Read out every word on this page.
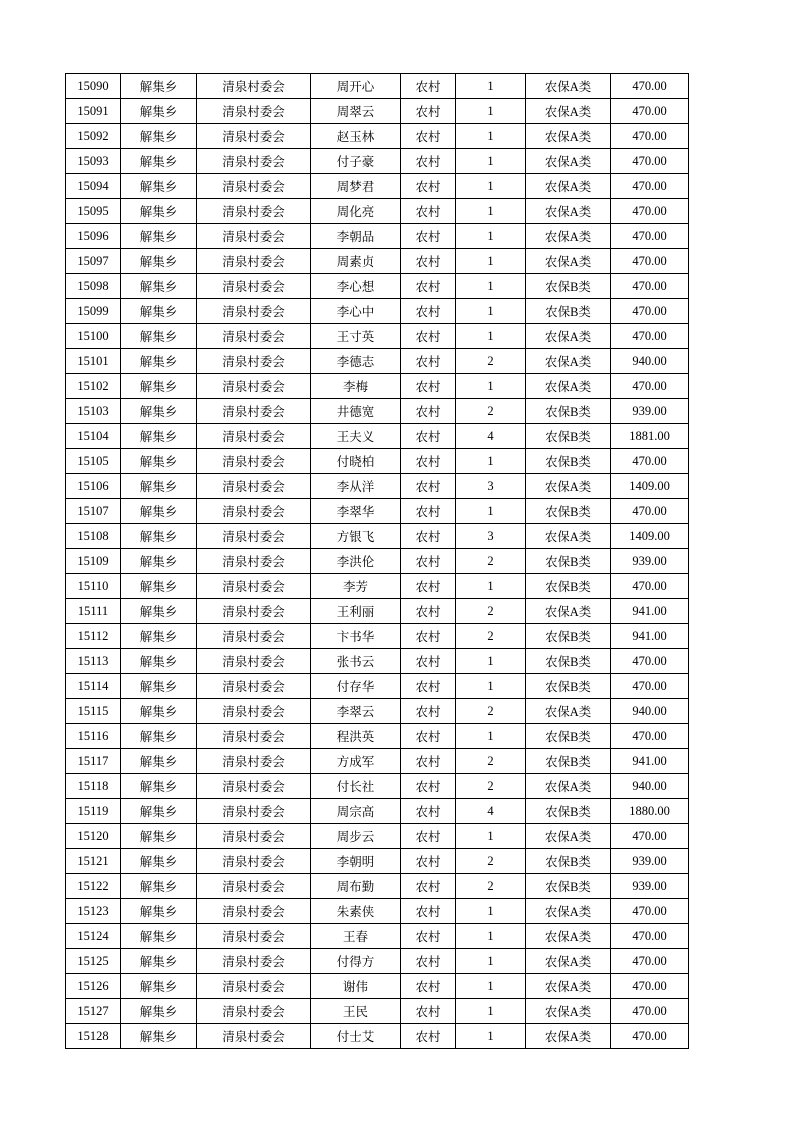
15090	解集乡	清泉村委会	周开心	农村	1	农保A类	470.00
15091	解集乡	清泉村委会	周翠云	农村	1	农保A类	470.00
15092	解集乡	清泉村委会	赵玉林	农村	1	农保A类	470.00
15093	解集乡	清泉村委会	付子豪	农村	1	农保A类	470.00
15094	解集乡	清泉村委会	周梦君	农村	1	农保A类	470.00
15095	解集乡	清泉村委会	周化亮	农村	1	农保A类	470.00
15096	解集乡	清泉村委会	李朝品	农村	1	农保A类	470.00
15097	解集乡	清泉村委会	周素贞	农村	1	农保A类	470.00
15098	解集乡	清泉村委会	李心想	农村	1	农保B类	470.00
15099	解集乡	清泉村委会	李心中	农村	1	农保B类	470.00
15100	解集乡	清泉村委会	王寸英	农村	1	农保A类	470.00
15101	解集乡	清泉村委会	李德志	农村	2	农保A类	940.00
15102	解集乡	清泉村委会	李梅	农村	1	农保A类	470.00
15103	解集乡	清泉村委会	井德宽	农村	2	农保B类	939.00
15104	解集乡	清泉村委会	王夫义	农村	4	农保B类	1881.00
15105	解集乡	清泉村委会	付晓柏	农村	1	农保B类	470.00
15106	解集乡	清泉村委会	李从洋	农村	3	农保A类	1409.00
15107	解集乡	清泉村委会	李翠华	农村	1	农保B类	470.00
15108	解集乡	清泉村委会	方银飞	农村	3	农保A类	1409.00
15109	解集乡	清泉村委会	李洪伦	农村	2	农保B类	939.00
15110	解集乡	清泉村委会	李芳	农村	1	农保B类	470.00
15111	解集乡	清泉村委会	王利丽	农村	2	农保A类	941.00
15112	解集乡	清泉村委会	卞书华	农村	2	农保B类	941.00
15113	解集乡	清泉村委会	张书云	农村	1	农保B类	470.00
15114	解集乡	清泉村委会	付存华	农村	1	农保B类	470.00
15115	解集乡	清泉村委会	李翠云	农村	2	农保A类	940.00
15116	解集乡	清泉村委会	程洪英	农村	1	农保B类	470.00
15117	解集乡	清泉村委会	方成军	农村	2	农保B类	941.00
15118	解集乡	清泉村委会	付长社	农村	2	农保A类	940.00
15119	解集乡	清泉村委会	周宗高	农村	4	农保B类	1880.00
15120	解集乡	清泉村委会	周步云	农村	1	农保A类	470.00
15121	解集乡	清泉村委会	李朝明	农村	2	农保B类	939.00
15122	解集乡	清泉村委会	周布勤	农村	2	农保B类	939.00
15123	解集乡	清泉村委会	朱素侠	农村	1	农保A类	470.00
15124	解集乡	清泉村委会	王春	农村	1	农保A类	470.00
15125	解集乡	清泉村委会	付得方	农村	1	农保A类	470.00
15126	解集乡	清泉村委会	谢伟	农村	1	农保A类	470.00
15127	解集乡	清泉村委会	王民	农村	1	农保A类	470.00
15128	解集乡	清泉村委会	付士艾	农村	1	农保A类	470.00
